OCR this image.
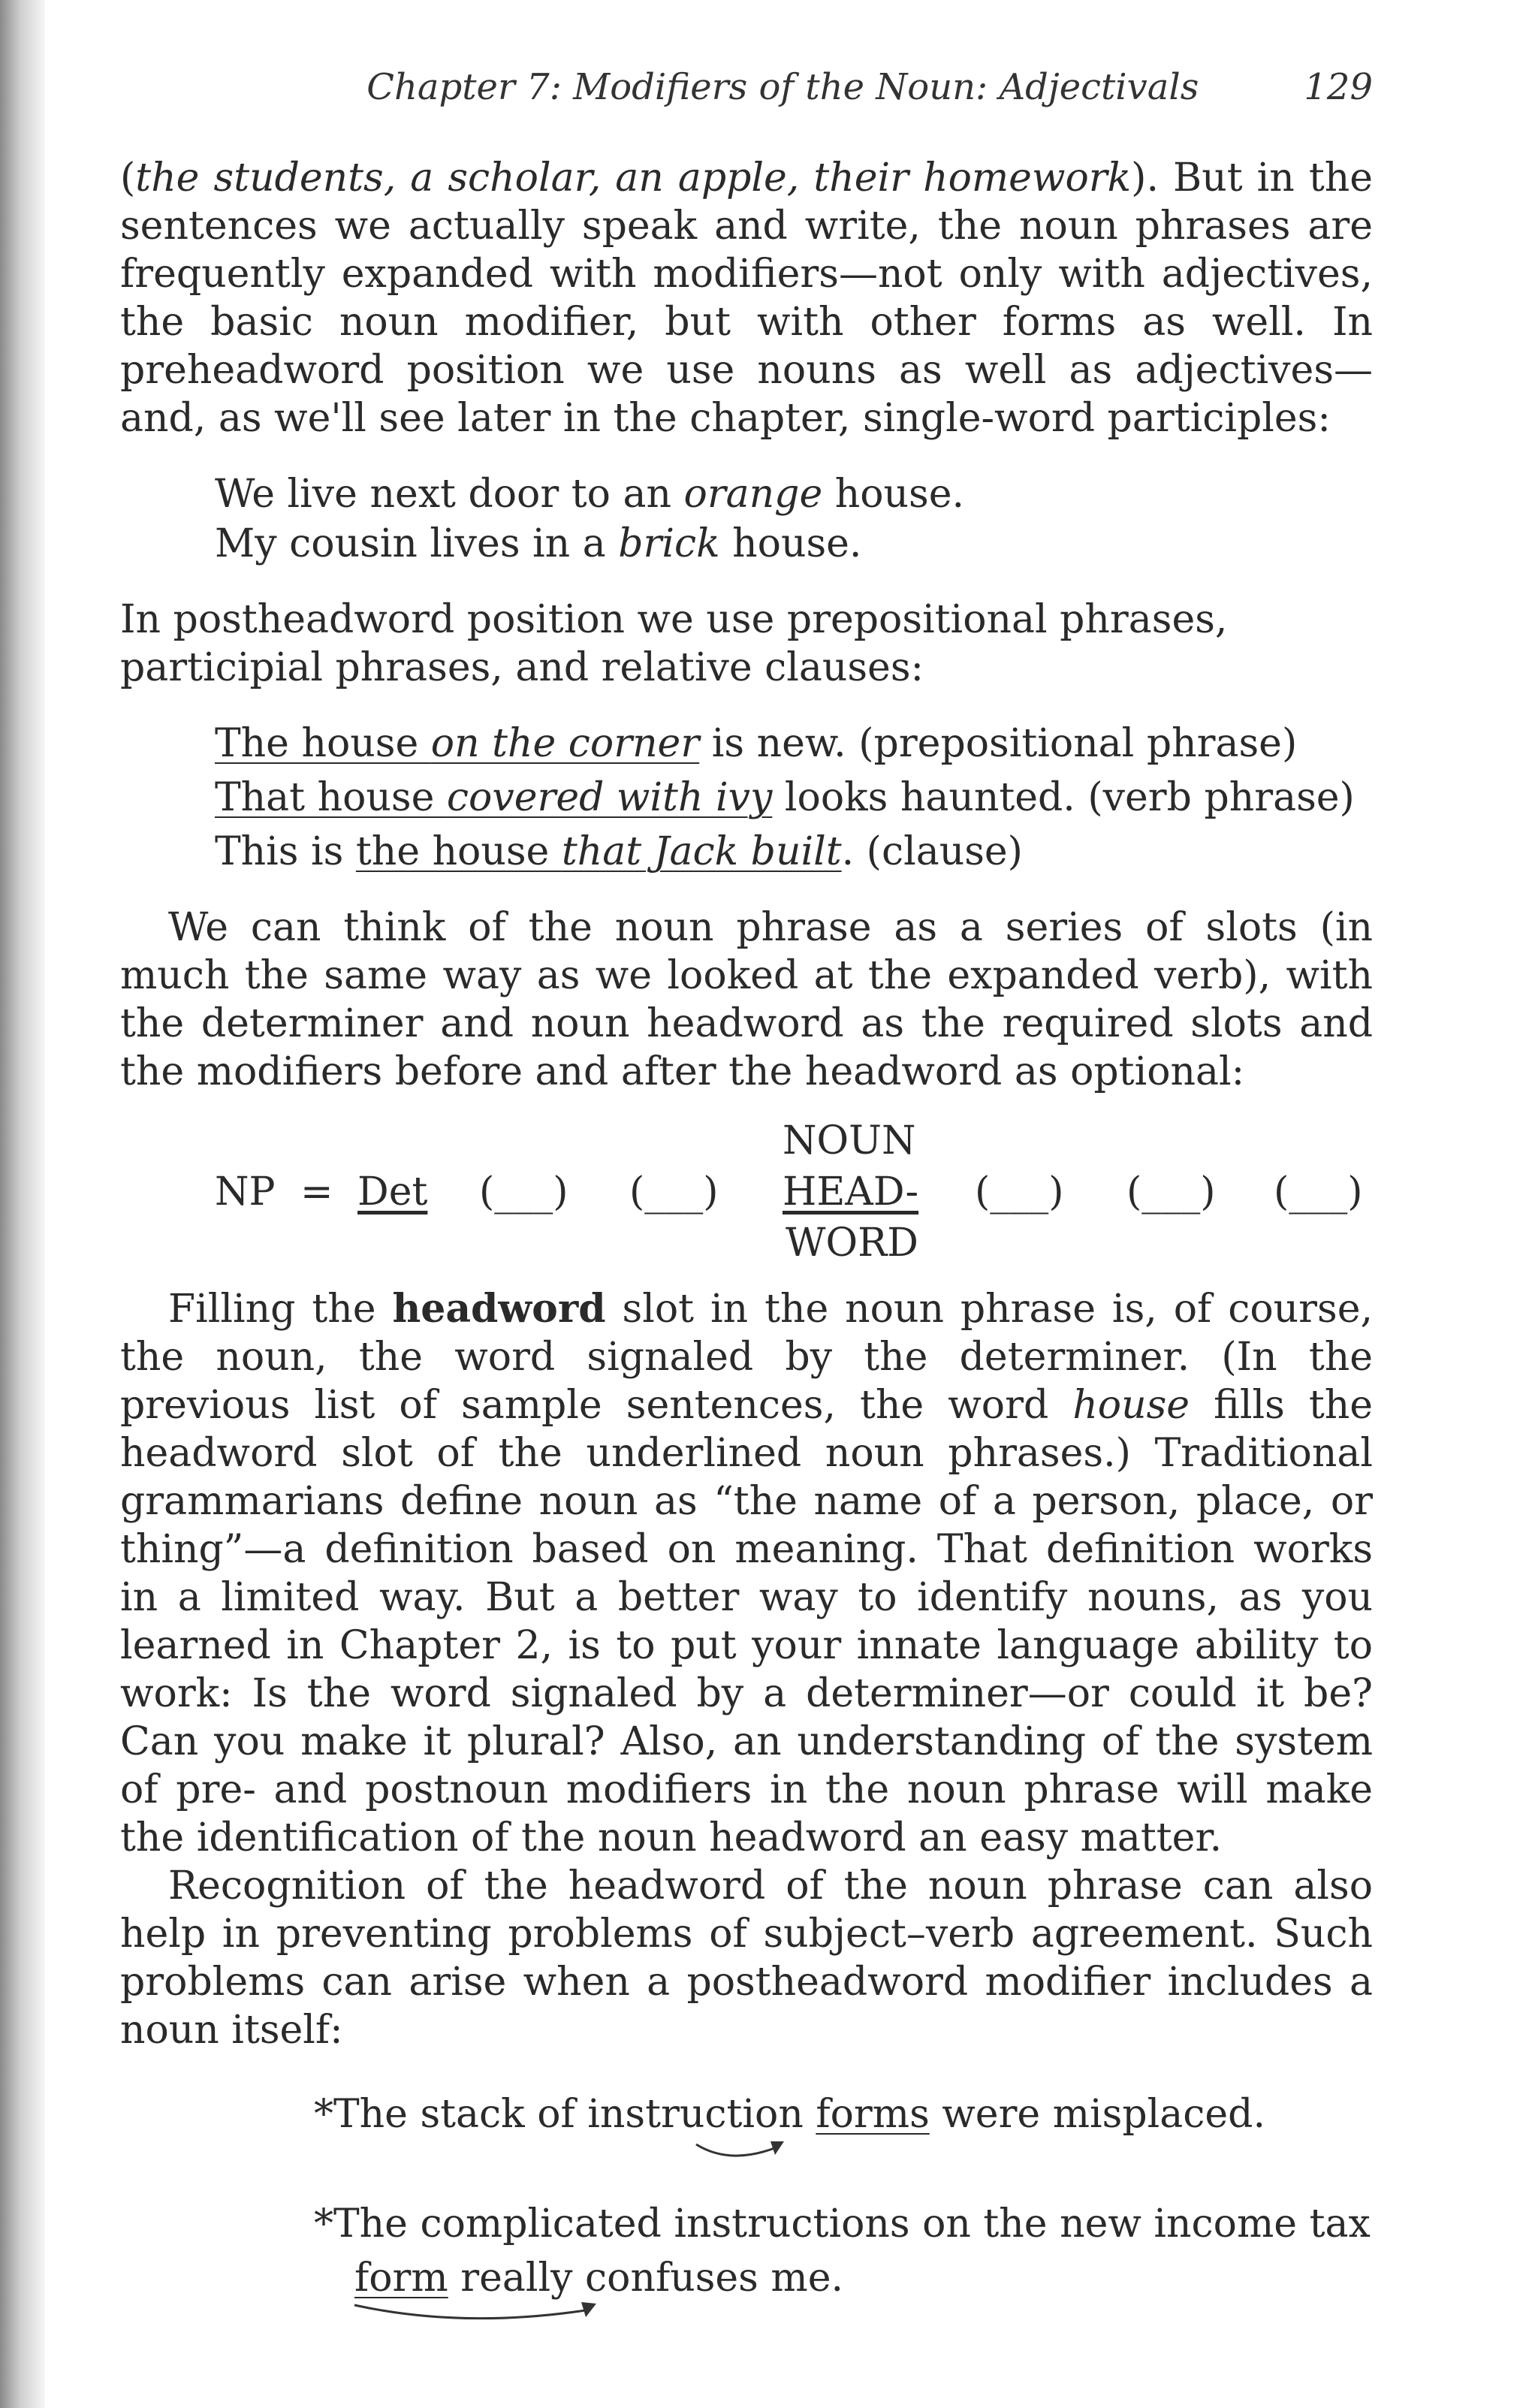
Chapter 7: Modifiers of the Noun: Adjectivals	129

(the students, a scholar, an apple, their homework). But in the sentences we actually speak and write, the noun phrases are frequently expanded with modifiers—not only with adjectives, the basic noun modifier, but with other forms as well. In preheadword position we use nouns as well as adjectives—and, as we'll see later in the chapter, single-word participles:

We live next door to an orange house.
My cousin lives in a brick house.

In postheadword position we use prepositional phrases, participial phrases, and relative clauses:

The house on the corner is new. (prepositional phrase)
That house covered with ivy looks haunted. (verb phrase)
This is the house that Jack built. (clause)

We can think of the noun phrase as a series of slots (in much the same way as we looked at the expanded verb), with the determiner and noun headword as the required slots and the modifiers before and after the headword as optional:

NP = Det (___) (___)
NOUN
HEAD-
WORD
(___) (___) (___)

Filling the headword slot in the noun phrase is, of course, the noun, the word signaled by the determiner. (In the previous list of sample sentences, the word house fills the headword slot of the underlined noun phrases.) Traditional grammarians define noun as “the name of a person, place, or thing”—a definition based on meaning. That definition works in a limited way. But a better way to identify nouns, as you learned in Chapter 2, is to put your innate language ability to work: Is the word signaled by a determiner—or could it be? Can you make it plural? Also, an understanding of the system of pre- and postnoun modifiers in the noun phrase will make the identification of the noun headword an easy matter.

Recognition of the headword of the noun phrase can also help in preventing problems of subject–verb agreement. Such problems can arise when a postheadword modifier includes a noun itself:

*The stack of instruction forms were misplaced.
*The complicated instructions on the new income tax
form really confuses me.
